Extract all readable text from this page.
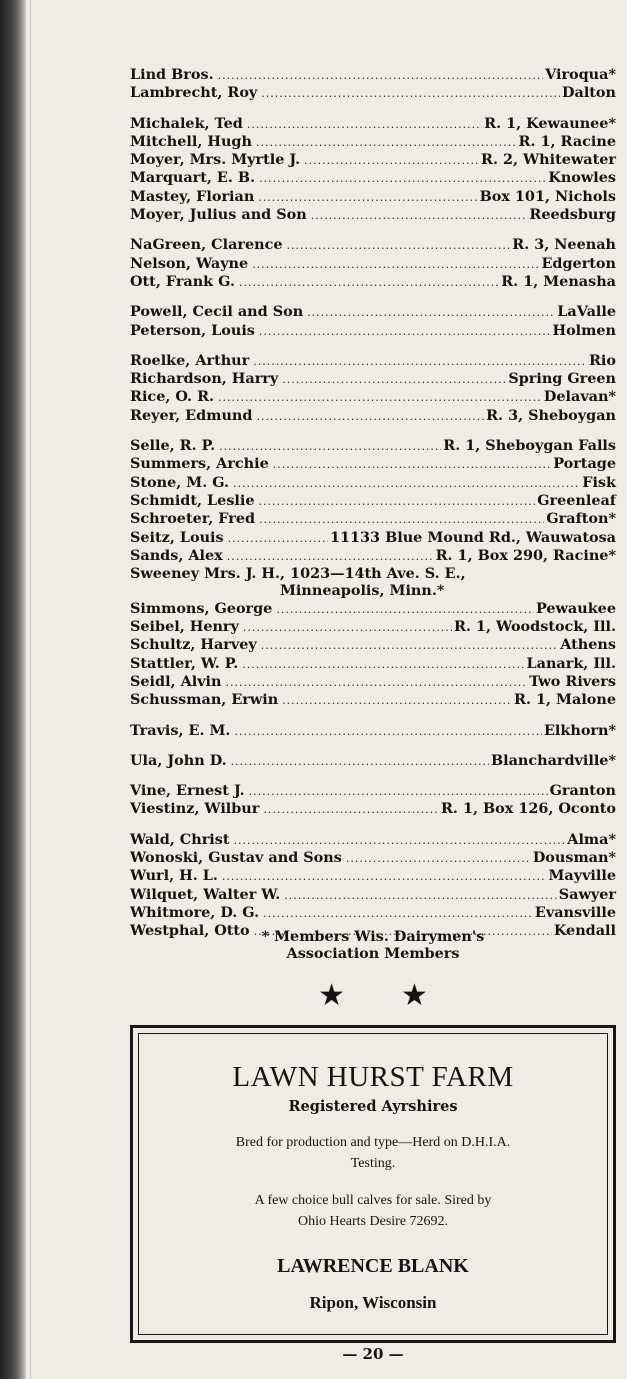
Lind Bros. .....	Viroqua*
Lambrecht, Roy .....	Dalton
Michalek, Ted .....	R. 1, Kewaunee*
Mitchell, Hugh .....	R. 1, Racine
Moyer, Mrs. Myrtle J. .....	R. 2, Whitewater
Marquart, E. B. .....	Knowles
Mastey, Florian .....	Box 101, Nichols
Moyer, Julius and Son .....	Reedsburg
NaGreen, Clarence .....	R. 3, Neenah
Nelson, Wayne .....	Edgerton
Ott, Frank G. .....	R. 1, Menasha
Powell, Cecil and Son .....	LaValle
Peterson, Louis .....	Holmen
Roelke, Arthur .....	Rio
Richardson, Harry .....	Spring Green
Rice, O. R. .....	Delavan*
Reyer, Edmund .....	R. 3, Sheboygan
Selle, R. P. .....	R. 1, Sheboygan Falls
Summers, Archie .....	Portage
Stone, M. G. .....	Fisk
Schmidt, Leslie .....	Greenleaf
Schroeter, Fred .....	Grafton*
Seitz, Louis .....	11133 Blue Mound Rd., Wauwatosa
Sands, Alex .....	R. 1, Box 290, Racine*
Sweeney Mrs. J. H., 1023—14th Ave. S. E.,
Minneapolis, Minn.*
Simmons, George .....	Pewaukee
Seibel, Henry .....	R. 1, Woodstock, Ill.
Schultz, Harvey .....	Athens
Stattler, W. P. .....	Lanark, Ill.
Seidl, Alvin .....	Two Rivers
Schussman, Erwin .....	R. 1, Malone
Travis, E. M. .....	Elkhorn*
Ula, John D. .....	Blanchardville*
Vine, Ernest J. .....	Granton
Viestinz, Wilbur .....	R. 1, Box 126, Oconto
Wald, Christ .....	Alma*
Wonoski, Gustav and Sons .....	Dousman*
Wurl, H. L. .....	Mayville
Wilquet, Walter W. .....	Sawyer
Whitmore, D. G. .....	Evansville
Westphal, Otto .....	Kendall
* Members Wis. Dairymen's
Association Members
★★
LAWN HURST FARM
Registered Ayrshires
Bred for production and type—Herd on D.H.I.A.
Testing.
A few choice bull calves for sale. Sired by
Ohio Hearts Desire 72692.
LAWRENCE BLANK
Ripon, Wisconsin
— 20 —
